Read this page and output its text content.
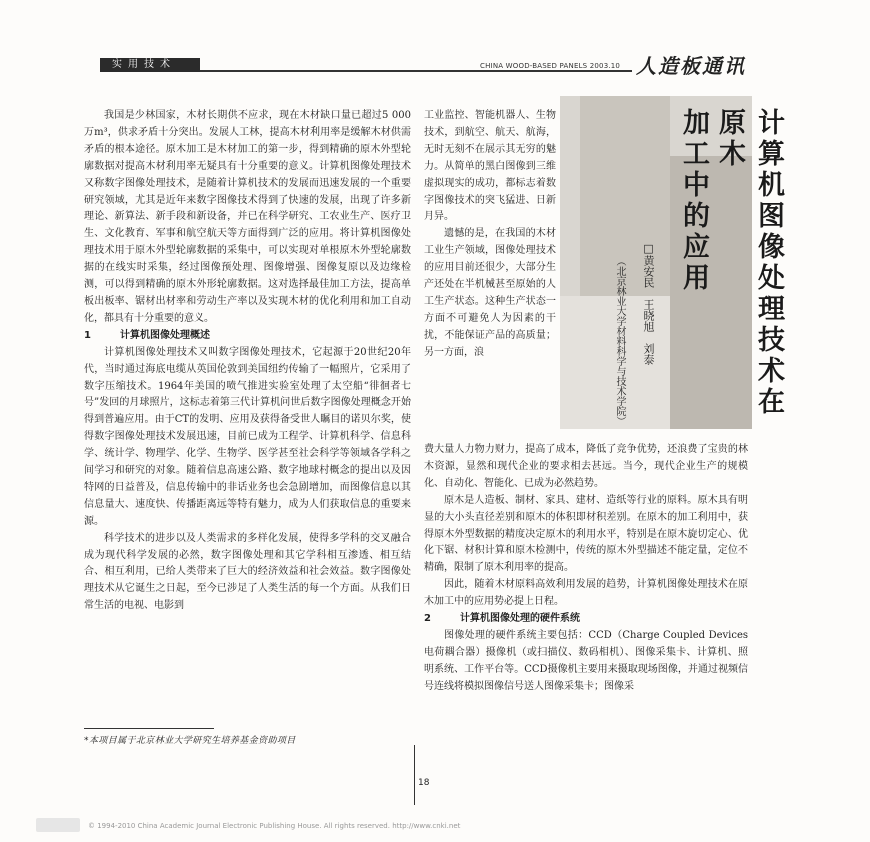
实用技术	CHINA WOOD-BASED PANELS 2003.10 人造板通讯
计算机图像处理技术在原木
加工中的应用
□黄安民　王晓旭　刘泰
（北京林业大学材料科学与技术学院）

我国是少林国家，木材长期供不应求，现在木材缺口量已超过5 000万m³，供求矛盾十分突出。发展人工林，提高木材利用率是缓解木材供需矛盾的根本途径。原木加工是木材加工的第一步，得到精确的原木外型轮廓数据对提高木材利用率无疑具有十分重要的意义。计算机图像处理技术又称数字图像处理技术，是随着计算机技术的发展而迅速发展的一个重要研究领域，尤其是近年来数字图像技术得到了快速的发展，出现了许多新理论、新算法、新手段和新设备，并已在科学研究、工农业生产、医疗卫生、文化教育、军事和航空航天等方面得到广泛的应用。将计算机图像处理技术用于原木外型轮廓数据的采集中，可以实现对单根原木外型轮廓数据的在线实时采集，经过图像预处理、图像增强、图像复原以及边缘检测，可以得到精确的原木外形轮廓数据。这对选择最佳加工方法，提高单板出板率、锯材出材率和劳动生产率以及实现木材的优化利用和加工自动化，都具有十分重要的意义。

1	计算机图像处理概述

计算机图像处理技术又叫数字图像处理技术，它起源于20世纪20年代，当时通过海底电缆从英国伦敦到美国纽约传输了一幅照片，它采用了数字压缩技术。1964年美国的喷气推进实验室处理了太空船“徘徊者七号”发回的月球照片，这标志着第三代计算机问世后数字图像处理概念开始得到普遍应用。由于CT的发明、应用及获得备受世人瞩目的诺贝尔奖，使得数字图像处理技术发展迅速，目前已成为工程学、计算机科学、信息科学、统计学、物理学、化学、生物学、医学甚至社会科学等领域各学科之间学习和研究的对象。随着信息高速公路、数字地球村概念的提出以及因特网的日益普及，信息传输中的非话业务也会急剧增加，而图像信息以其信息量大、速度快、传播距离远等特有魅力，成为人们获取信息的重要来源。

科学技术的进步以及人类需求的多样化发展，使得多学科的交叉融合成为现代科学发展的必然，数字图像处理和其它学科相互渗透、相互结合、相互利用，已给人类带来了巨大的经济效益和社会效益。数字图像处理技术从它诞生之日起，至今已涉足了人类生活的每一个方面。从我们日常生活的电视、电影到

工业监控、智能机器人、生物技术，到航空、航天、航海，无时无刻不在展示其无穷的魅力。从简单的黑白图像到三维虚拟现实的成功，都标志着数字图像技术的突飞猛进、日新月异。

遗憾的是，在我国的木材工业生产领域，图像处理技术的应用目前还很少，大部分生产还处在半机械甚至原始的人工生产状态。这种生产状态一方面不可避免人为因素的干扰，不能保证产品的高质量；另一方面，浪

费大量人力物力财力，提高了成本，降低了竞争优势，还浪费了宝贵的林木资源，显然和现代企业的要求相去甚远。当今，现代企业生产的规模化、自动化、智能化、已成为必然趋势。

原木是人造板、制材、家具、建材、造纸等行业的原料。原木具有明显的大小头直径差别和原木的体积即材积差别。在原木的加工利用中，获得原木外型数据的精度决定原木的利用水平，特别是在原木旋切定心、优化下锯、材积计算和原木检测中，传统的原木外型描述不能定量，定位不精确，限制了原木利用率的提高。

因此，随着木材原料高效利用发展的趋势，计算机图像处理技术在原木加工中的应用势必提上日程。

2	计算机图像处理的硬件系统

图像处理的硬件系统主要包括：CCD（Charge Coupled Devices电荷耦合器）摄像机（或扫描仪、数码相机）、图像采集卡、计算机、照明系统、工作平台等。CCD摄像机主要用来摄取现场图像，并通过视频信号连线将模拟图像信号送人图像采集卡；图像采

*本项目属于北京林业大学研究生培养基金资助项目
18
© 1994-2010 China Academic Journal Electronic Publishing House. All rights reserved. http://www.cnki.net
